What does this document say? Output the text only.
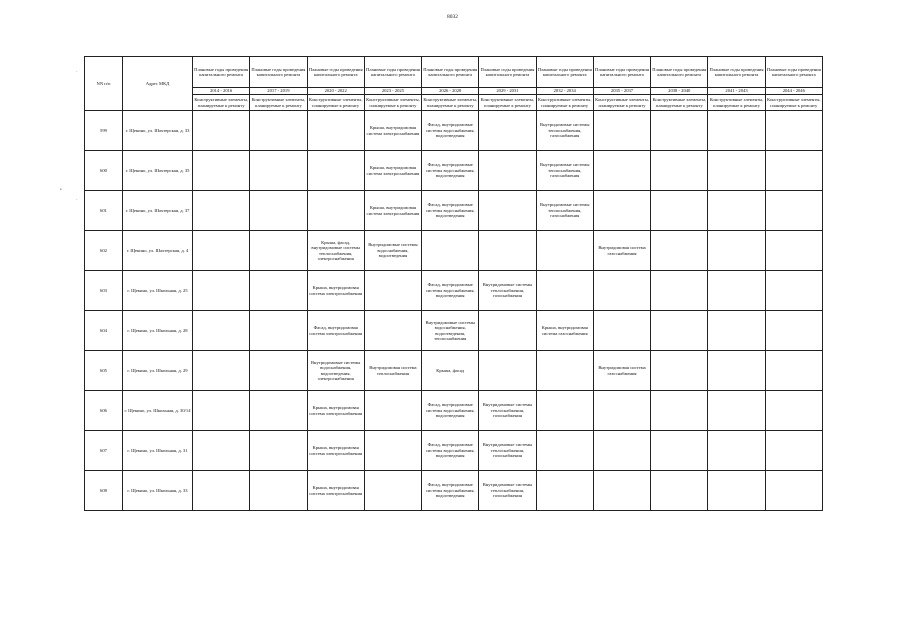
8032
·
•
·
NN п/п	Адрес МКД	Плановые годы проведения капитального ремонта	Плановые годы проведения капитального ремонта	Плановые годы проведения капитального ремонта	Плановые годы проведения капитального ремонта	Плановые годы проведения капитального ремонта	Плановые годы проведения капитального ремонта	Плановые годы проведения капитального ремонта	Плановые годы проведения капитального ремонта	Плановые годы проведения капитального ремонта	Плановые годы проведения капитального ремонта	Плановые годы проведения капитального ремонта
		2014 - 2016	2017 - 2019	2020 - 2022	2023 - 2025	2026 - 2028	2029 - 2031	2032 - 2034	2035 - 2037	2038 - 2040	2041 - 2043	2044 - 2046
		Конструктивные элементы, планируемые к ремонту	Конструктивные элементы, планируемые к ремонту	Конструктивные элементы, планируемые к ремонту	Конструктивные элементы, планируемые к ремонту	Конструктивные элементы, планируемые к ремонту	Конструктивные элементы, планируемые к ремонту	Конструктивные элементы, планируемые к ремонту	Конструктивные элементы, планируемые к ремонту	Конструктивные элементы, планируемые к ремонту	Конструктивные элементы, планируемые к ремонту	Конструктивные элементы, планируемые к ремонту
599	г. Щекино, ул. Шахтерская, д. 33				Крыша, внутридомовая система электроснабжения	Фасад, внутридомовые системы водоснабжения, водоотведения		Внутридомовые системы теплоснабжения, газоснабжения				
600	г. Щекино, ул. Шахтерская, д. 35				Крыша, внутридомовая система электроснабжения	Фасад, внутридомовые системы водоснабжения, водоотведения		Внутридомовые системы теплоснабжения, газоснабжения				
601	г. Щекино, ул. Шахтерская, д. 37				Крыша, внутридомовая система электроснабжения	Фасад, внутридомовые системы водоснабжения, водоотведения		Внутридомовые системы теплоснабжения, газоснабжения				
602	г. Щекино, ул. Шахтерская, д. 4			Крыша, фасад, внутридомовые системы теплоснабжения, электроснабжения	Внутридомовые системы водоснабжения, водоотведения				Внутридомовая система газоснабжения			
603	г. Щекино, ул. Школьная, д. 25			Крыша, внутридомовая система электроснабжения		Фасад, внутридомовые системы водоснабжения, водоотведения	Внутридомовые системы теплоснабжения, газоснабжения					
604	г. Щекино, ул. Школьная, д. 28			Фасад, внутридомовая система электроснабжения		Внутридомовые системы водоснабжения, водоотведения, теплоснабжения		Крыша, внутридомовая система газоснабжения				
605	г. Щекино, ул. Школьная, д. 29			Внутридомовые системы водоснабжения, водоотведения, электроснабжения	Внутридомовая система теплоснабжения	Крыша, фасад			Внутридомовая система газоснабжения			
606	г. Щекино, ул. Школьная, д. 30/14			Крыша, внутридомовая система электроснабжения		Фасад, внутридомовые системы водоснабжения, водоотведения	Внутридомовые системы теплоснабжения, газоснабжения					
607	г. Щекино, ул. Школьная, д. 31			Крыша, внутридомовая система электроснабжения		Фасад, внутридомовые системы водоснабжения, водоотведения	Внутридомовые системы теплоснабжения, газоснабжения					
608	г. Щекино, ул. Школьная, д. 33			Крыша, внутридомовая система электроснабжения		Фасад, внутридомовые системы водоснабжения, водоотведения	Внутридомовые системы теплоснабжения, газоснабжения					
